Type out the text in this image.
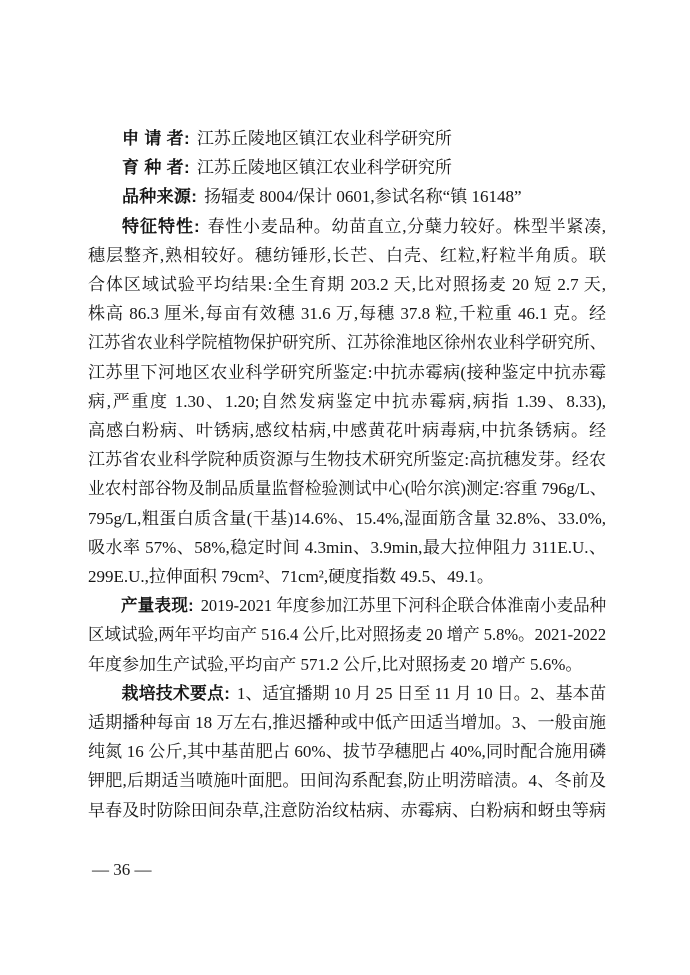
申 请 者: 江苏丘陵地区镇江农业科学研究所
育 种 者: 江苏丘陵地区镇江农业科学研究所
品种来源: 扬辐麦 8004/保计 0601,参试名称“镇 16148”
特征特性: 春性小麦品种。幼苗直立,分蘖力较好。株型半紧凑,
穗层整齐,熟相较好。穗纺锤形,长芒、白壳、红粒,籽粒半角质。联
合体区域试验平均结果:全生育期 203.2 天,比对照扬麦 20 短 2.7 天,
株高 86.3 厘米,每亩有效穗 31.6 万,每穗 37.8 粒,千粒重 46.1 克。经
江苏省农业科学院植物保护研究所、江苏徐淮地区徐州农业科学研究所、
江苏里下河地区农业科学研究所鉴定:中抗赤霉病(接种鉴定中抗赤霉
病,严重度 1.30、1.20;自然发病鉴定中抗赤霉病,病指 1.39、8.33),
高感白粉病、叶锈病,感纹枯病,中感黄花叶病毒病,中抗条锈病。经
江苏省农业科学院种质资源与生物技术研究所鉴定:高抗穗发芽。经农
业农村部谷物及制品质量监督检验测试中心(哈尔滨)测定:容重 796g/L、
795g/L,粗蛋白质含量(干基)14.6%、15.4%,湿面筋含量 32.8%、33.0%,
吸水率 57%、58%,稳定时间 4.3min、3.9min,最大拉伸阻力 311E.U.、
299E.U.,拉伸面积 79cm²、71cm²,硬度指数 49.5、49.1。
产量表现: 2019-2021 年度参加江苏里下河科企联合体淮南小麦品种
区域试验,两年平均亩产 516.4 公斤,比对照扬麦 20 增产 5.8%。2021-2022
年度参加生产试验,平均亩产 571.2 公斤,比对照扬麦 20 增产 5.6%。
栽培技术要点: 1、适宜播期 10 月 25 日至 11 月 10 日。2、基本苗
适期播种每亩 18 万左右,推迟播种或中低产田适当增加。3、一般亩施
纯氮 16 公斤,其中基苗肥占 60%、拔节孕穗肥占 40%,同时配合施用磷
钾肥,后期适当喷施叶面肥。田间沟系配套,防止明涝暗渍。4、冬前及
早春及时防除田间杂草,注意防治纹枯病、赤霉病、白粉病和蚜虫等病
— 36 —
